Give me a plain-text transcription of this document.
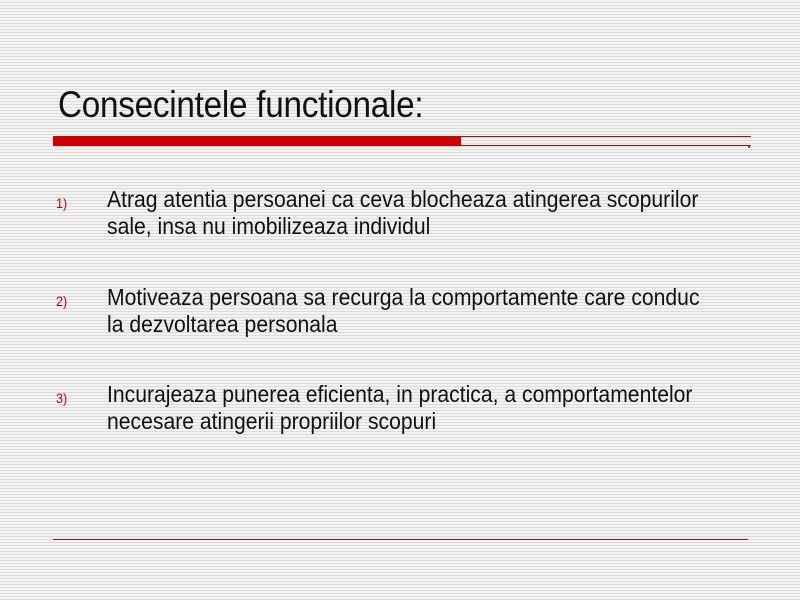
Consecintele functionale:
1) Atrag atentia persoanei ca ceva blocheaza atingerea scopurilor sale, insa nu imobilizeaza individul

2) Motiveaza persoana sa recurga la comportamente care conduc la dezvoltarea personala

3) Incurajeaza punerea eficienta, in practica, a comportamentelor necesare atingerii propriilor scopuri
